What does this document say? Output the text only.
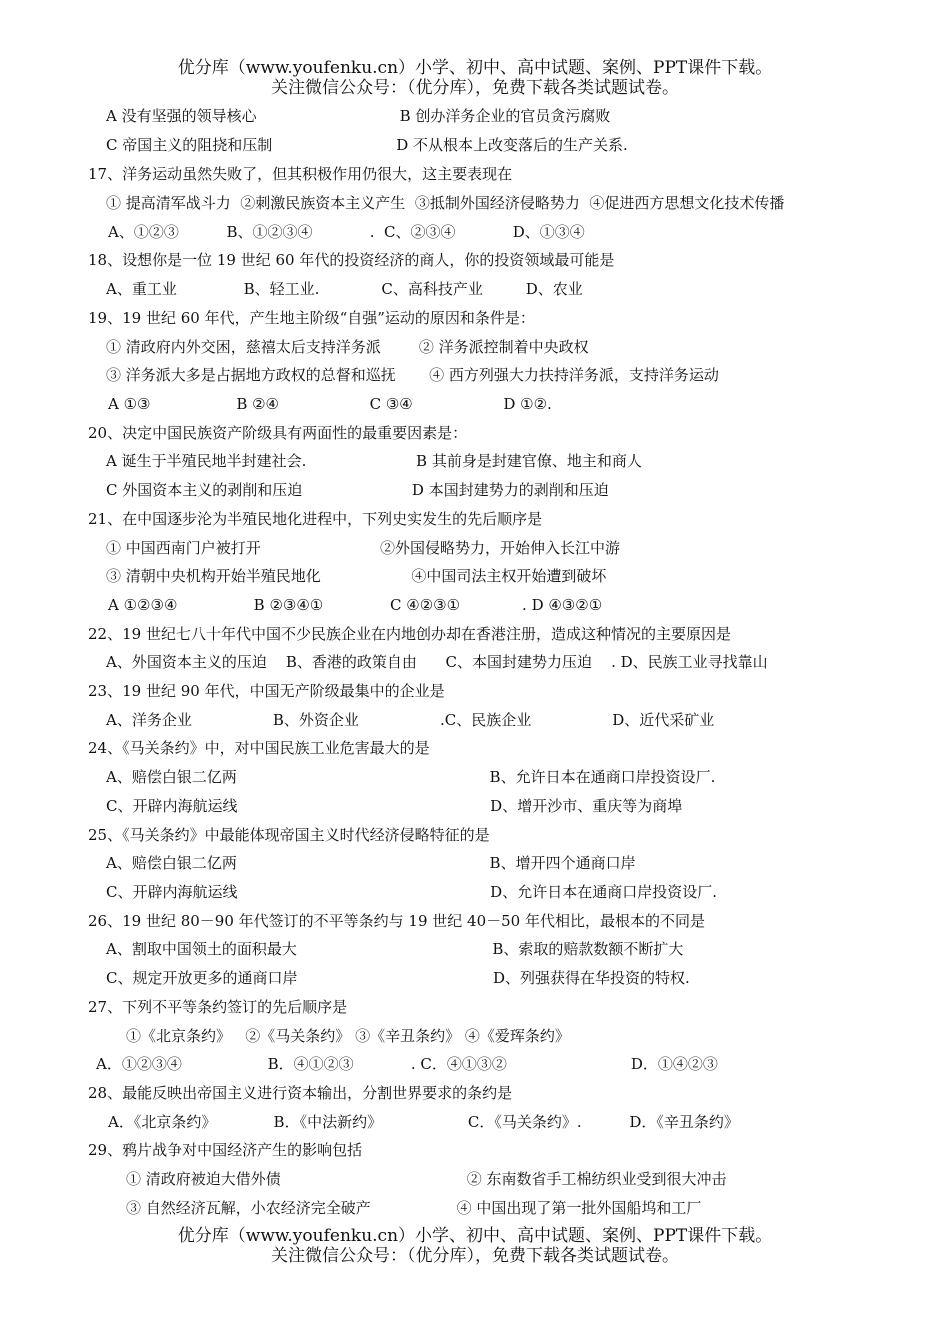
优分库（www.youfenku.cn）小学、初中、高中试题、案例、PPT课件下载。
关注微信公众号：（优分库），免费下载各类试题试卷。
A 没有坚强的领导核心                              B 创办洋务企业的官员贪污腐败
C 帝国主义的阻挠和压制                          D 不从根本上改变落后的生产关系.
17、洋务运动虽然失败了，但其积极作用仍很大，这主要表现在
① 提高清军战斗力  ②刺激民族资本主义产生  ③抵制外国经济侵略势力  ④促进西方思想文化技术传播
A、①②③          B、①②③④            .  C、②③④            D、①③④
18、设想你是一位 19 世纪 60 年代的投资经济的商人，你的投资领域最可能是
A、重工业              B、轻工业.             C、高科技产业         D、农业
19、19 世纪 60 年代，产生地主阶级“自强”运动的原因和条件是：
① 清政府内外交困，慈禧太后支持洋务派        ② 洋务派控制着中央政权
③ 洋务派大多是占据地方政权的总督和巡抚       ④ 西方列强大力扶持洋务派，支持洋务运动
A ①③                  B ②④                   C ③④                   D ①②.
20、决定中国民族资产阶级具有两面性的最重要因素是：
A 诞生于半殖民地半封建社会.                       B 其前身是封建官僚、地主和商人
C 外国资本主义的剥削和压迫                       D 本国封建势力的剥削和压迫
21、在中国逐步沦为半殖民地化进程中，下列史实发生的先后顺序是
① 中国西南门户被打开                         ②外国侵略势力，开始伸入长江中游
③ 清朝中央机构开始半殖民地化                   ④中国司法主权开始遭到破坏
A ①②③④                B ②③④①              C ④②③①             . D ④③②①
22、19 世纪七八十年代中国不少民族企业在内地创办却在香港注册，造成这种情况的主要原因是
A、外国资本主义的压迫    B、香港的政策自由      C、本国封建势力压迫    . D、民族工业寻找靠山
23、19 世纪 90 年代，中国无产阶级最集中的企业是
A、洋务企业                 B、外资企业                 .C、民族企业                 D、近代采矿业
24、《马关条约》中，对中国民族工业危害最大的是
A、赔偿白银二亿两                                                     B、允许日本在通商口岸投资设厂.
C、开辟内海航运线                                                     D、增开沙市、重庆等为商埠
25、《马关条约》中最能体现帝国主义时代经济侵略特征的是
A、赔偿白银二亿两                                                     B、增开四个通商口岸
C、开辟内海航运线                                                     D、允许日本在通商口岸投资设厂.
26、19 世纪 80－90 年代签订的不平等条约与 19 世纪 40－50 年代相比，最根本的不同是
A、割取中国领土的面积最大                                         B、索取的赔款数额不断扩大
C、规定开放更多的通商口岸                                         D、列强获得在华投资的特权.
27、下列不平等条约签订的先后顺序是
①《北京条约》   ②《马关条约》 ③《辛丑条约》 ④《爱珲条约》
A．①②③④                  B．④①②③            . C．④①③②                          D．①④②③
28、最能反映出帝国主义进行资本输出，分割世界要求的条约是
A．《北京条约》            B．《中法新约》                  C．《马关条约》.          D．《辛丑条约》
29、鸦片战争对中国经济产生的影响包括
① 清政府被迫大借外债                                       ② 东南数省手工棉纺织业受到很大冲击
③ 自然经济瓦解，小农经济完全破产                  ④ 中国出现了第一批外国船坞和工厂
优分库（www.youfenku.cn）小学、初中、高中试题、案例、PPT课件下载。
关注微信公众号：（优分库），免费下载各类试题试卷。
